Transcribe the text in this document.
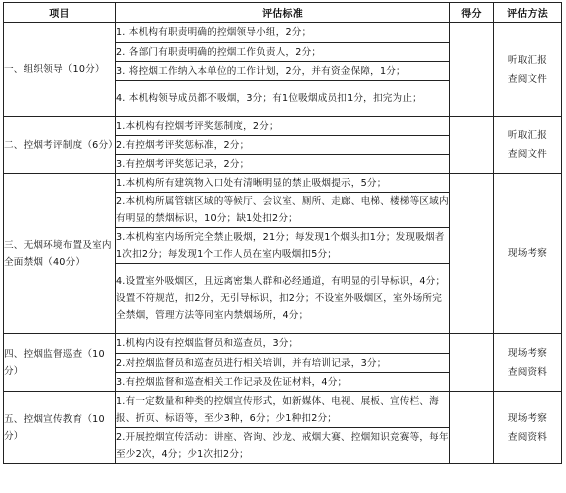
项目	评估标准	得分	评估方法
一、组织领导（10分）	1. 本机构有职责明确的控烟领导小组，2分；		听取汇报
查阅文件

	2. 各部门有职责明确的控烟工作负责人，2分；		
	3. 将控烟工作纳入本单位的工作计划，2分，并有资金保障，1分；		
	4. 本机构领导成员都不吸烟，3分；有1位吸烟成员扣1分，扣完为止；		
二、控烟考评制度（6分）	1.本机构有控烟考评奖惩制度，2分；		听取汇报
查阅文件

	2.有控烟考评奖惩标准，2分；		
	3.有控烟考评奖惩记录，2分；		
三、无烟环境布置及室内全面禁烟（40分）	1.本机构所有建筑物入口处有清晰明显的禁止吸烟提示，5分；		现场考察

	2.本机构所属管辖区域的等候厅、会议室、厕所、走廊、电梯、楼梯等区域内有明显的禁烟标识，10分；缺1处扣2分；		
	3.本机构室内场所完全禁止吸烟，21分；每发现1个烟头扣1分；发现吸烟者1次扣2分；每发现1个工作人员在室内吸烟扣5分；		
	4.设置室外吸烟区，且远离密集人群和必经通道，有明显的引导标识，4分；设置不符规范，扣2分，无引导标识，扣2分；不设室外吸烟区，室外场所完全禁烟，管理方法等同室内禁烟场所，4分；		
四、控烟监督巡查（10分）	1.机构内设有控烟监督员和巡查员，3分；		现场考察
查阅资料

	2.对控烟监督员和巡查员进行相关培训，并有培训记录，3分；		
	3.有控烟监督和巡查相关工作记录及佐证材料，4分；		
五、控烟宣传教育（10分）	1.有一定数量和种类的控烟宣传形式，如新媒体、电视、展板、宣传栏、海报、折页、标语等，至少3种，6分；少1种扣2分；		现场考察
查阅资料

	2.开展控烟宣传活动：讲座、咨询、沙龙、戒烟大赛、控烟知识竞赛等，每年至少2次，4分；少1次扣2分；		
